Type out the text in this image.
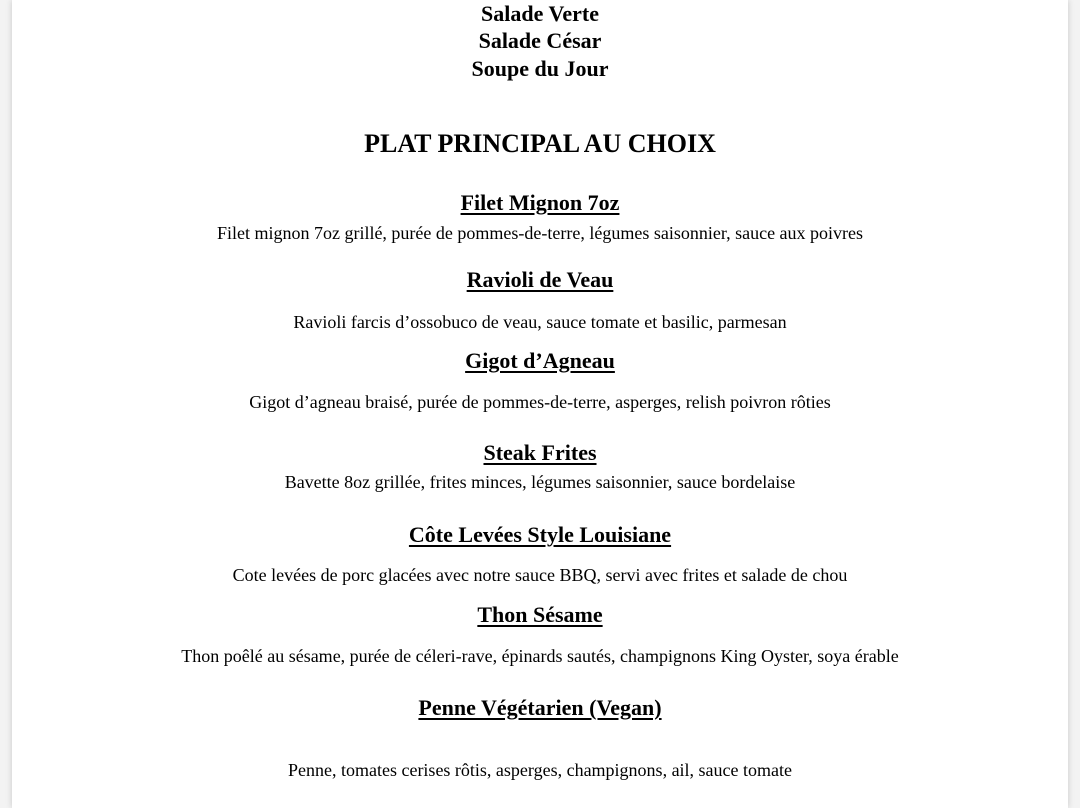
Salade Verte
Salade César
Soupe du Jour
PLAT PRINCIPAL AU CHOIX
Filet Mignon 7oz
Filet mignon 7oz grillé, purée de pommes-de-terre, légumes saisonnier, sauce aux poivres
Ravioli de Veau
Ravioli farcis d’ossobuco de veau, sauce tomate et basilic, parmesan
Gigot d’Agneau
Gigot d’agneau braisé, purée de pommes-de-terre, asperges, relish poivron rôties
Steak Frites
Bavette 8oz grillée, frites minces, légumes saisonnier, sauce bordelaise
Côte Levées Style Louisiane
Cote levées de porc glacées avec notre sauce BBQ, servi avec frites et salade de chou
Thon Sésame
Thon poêlé au sésame, purée de céleri-rave, épinards sautés, champignons King Oyster, soya érable
Penne Végétarien (Vegan)
Penne, tomates cerises rôtis, asperges, champignons, ail, sauce tomate
